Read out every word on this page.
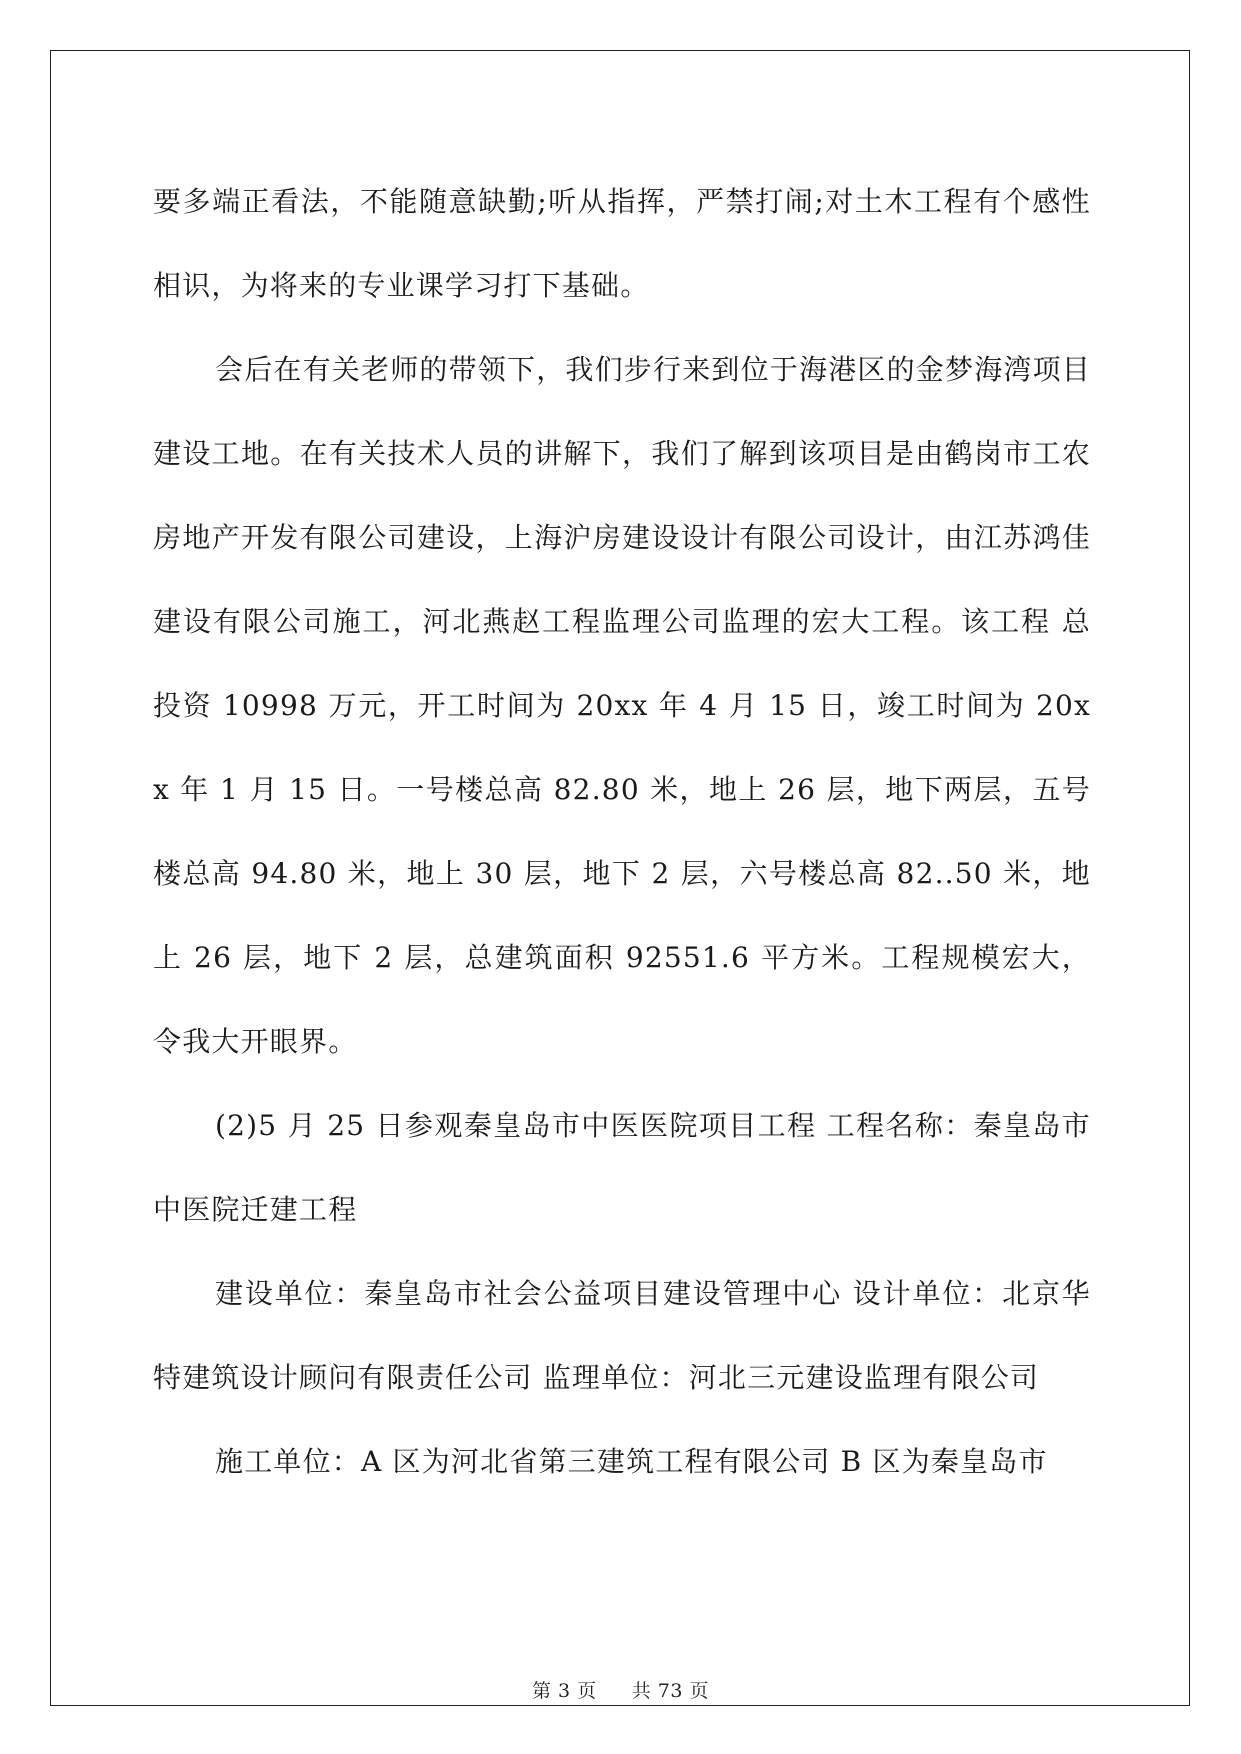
要多端正看法，不能随意缺勤;听从指挥，严禁打闹;对土木工程有个感性相识，为将来的专业课学习打下基础。

会后在有关老师的带领下，我们步行来到位于海港区的金梦海湾项目建设工地。在有关技术人员的讲解下，我们了解到该项目是由鹤岗市工农房地产开发有限公司建设，上海沪房建设设计有限公司设计，由江苏鸿佳建设有限公司施工，河北燕赵工程监理公司监理的宏大工程。该工程 总投资 10998 万元，开工时间为 20xx 年 4 月 15 日，竣工时间为 20xx 年 1 月 15 日。一号楼总高 82.80 米，地上 26 层，地下两层，五号楼总高 94.80 米，地上 30 层，地下 2 层，六号楼总高 82..50 米，地上 26 层，地下 2 层，总建筑面积 92551.6 平方米。工程规模宏大，令我大开眼界。

(2)5 月 25 日参观秦皇岛市中医医院项目工程 工程名称：秦皇岛市中医院迁建工程

建设单位：秦皇岛市社会公益项目建设管理中心 设计单位：北京华特建筑设计顾问有限责任公司 监理单位：河北三元建设监理有限公司

施工单位：A 区为河北省第三建筑工程有限公司 B 区为秦皇岛市

第 3 页 共 73 页
